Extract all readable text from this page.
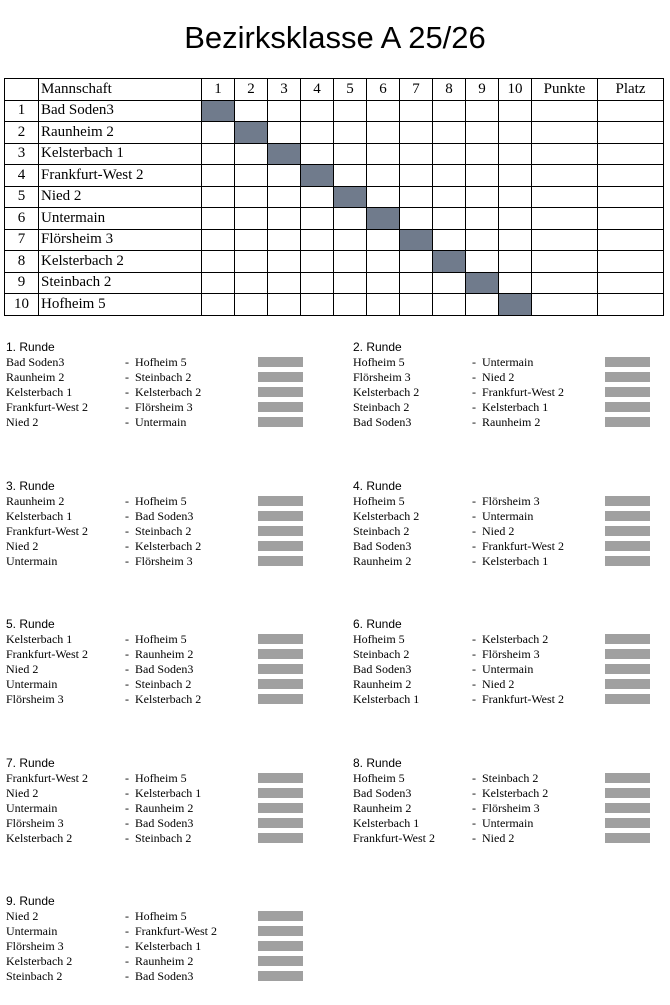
Bezirksklasse A 25/26
	Mannschaft	1	2	3	4	5	6	7	8	9	10	Punkte	Platz
1	Bad Soden3												
2	Raunheim 2												
3	Kelsterbach 1												
4	Frankfurt-West 2												
5	Nied 2												
6	Untermain												
7	Flörsheim 3												
8	Kelsterbach 2												
9	Steinbach 2												
10	Hofheim 5												
1. Runde
Bad Soden3	- Hofheim 5
Raunheim 2	- Steinbach 2
Kelsterbach 1	- Kelsterbach 2
Frankfurt-West 2	- Flörsheim 3
Nied 2	- Untermain
2. Runde
Hofheim 5	- Untermain
Flörsheim 3	- Nied 2
Kelsterbach 2	- Frankfurt-West 2
Steinbach 2	- Kelsterbach 1
Bad Soden3	- Raunheim 2
3. Runde
Raunheim 2	- Hofheim 5
Kelsterbach 1	- Bad Soden3
Frankfurt-West 2	- Steinbach 2
Nied 2	- Kelsterbach 2
Untermain	- Flörsheim 3
4. Runde
Hofheim 5	- Flörsheim 3
Kelsterbach 2	- Untermain
Steinbach 2	- Nied 2
Bad Soden3	- Frankfurt-West 2
Raunheim 2	- Kelsterbach 1
5. Runde
Kelsterbach 1	- Hofheim 5
Frankfurt-West 2	- Raunheim 2
Nied 2	- Bad Soden3
Untermain	- Steinbach 2
Flörsheim 3	- Kelsterbach 2
6. Runde
Hofheim 5	- Kelsterbach 2
Steinbach 2	- Flörsheim 3
Bad Soden3	- Untermain
Raunheim 2	- Nied 2
Kelsterbach 1	- Frankfurt-West 2
7. Runde
Frankfurt-West 2	- Hofheim 5
Nied 2	- Kelsterbach 1
Untermain	- Raunheim 2
Flörsheim 3	- Bad Soden3
Kelsterbach 2	- Steinbach 2
8. Runde
Hofheim 5	- Steinbach 2
Bad Soden3	- Kelsterbach 2
Raunheim 2	- Flörsheim 3
Kelsterbach 1	- Untermain
Frankfurt-West 2	- Nied 2
9. Runde
Nied 2	- Hofheim 5
Untermain	- Frankfurt-West 2
Flörsheim 3	- Kelsterbach 1
Kelsterbach 2	- Raunheim 2
Steinbach 2	- Bad Soden3
